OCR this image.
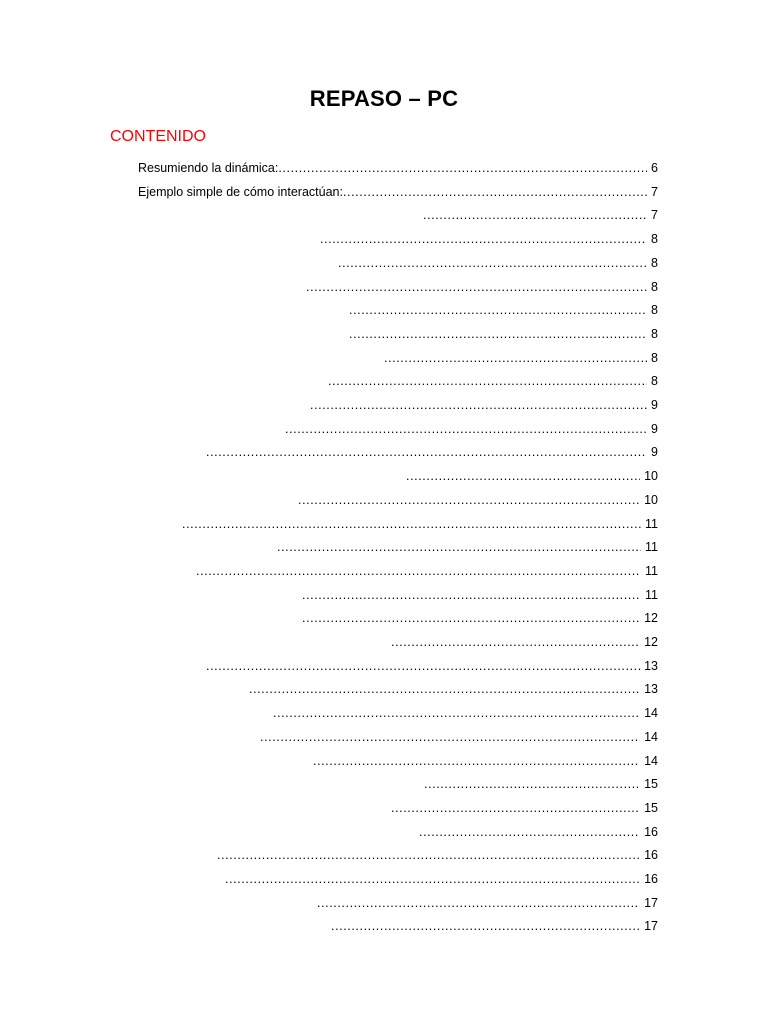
REPASO – PC
CONTENIDO
Resumiendo la dinámica: .....	6
Ejemplo simple de cómo interactúan: .....	7
.....
7
.....
8
.....
8
.....
8
.....
8
.....
8
.....
8
.....
8
.....
9
.....
9
.....
9
.....
10
.....
10
.....
11
.....
11
.....
11
.....
11
.....
12
.....
12
.....
13
.....
13
.....
14
.....
14
.....
14
.....
15
.....
15
.....
16
.....
16
.....
16
.....
17
.....
17
